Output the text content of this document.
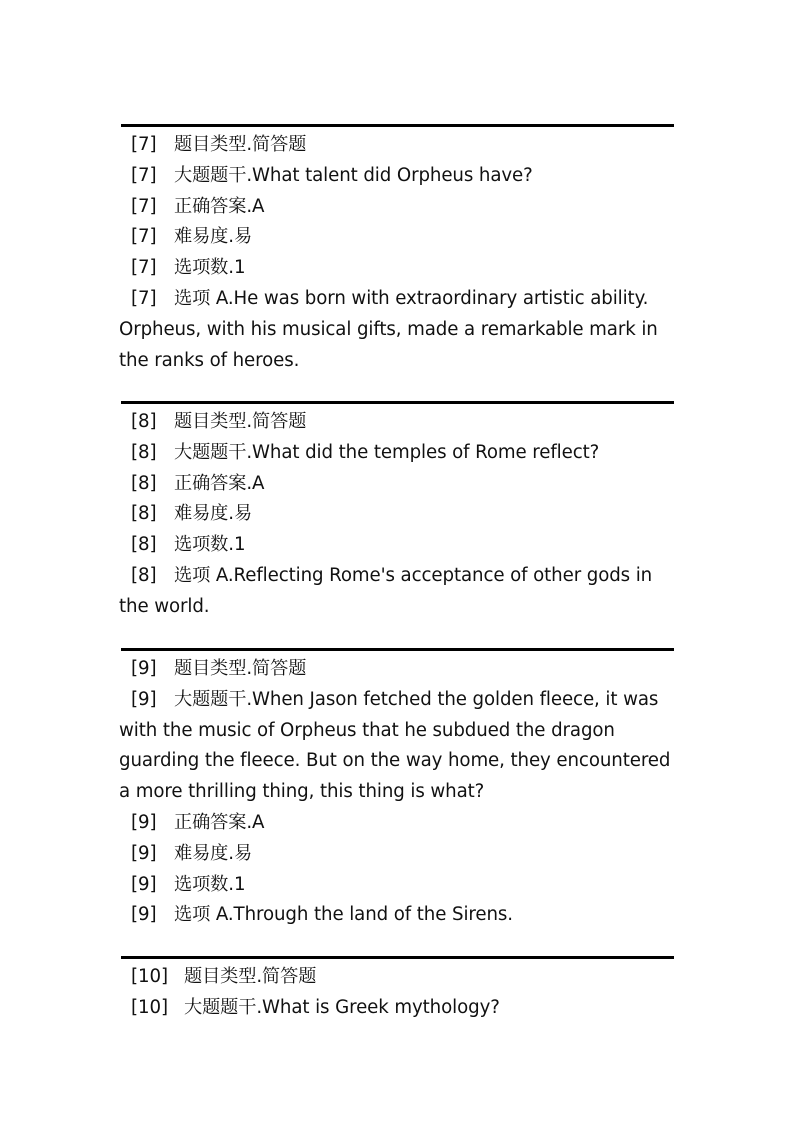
[7] 题目类型.简答题
[7] 大题题干.What talent did Orpheus have?
[7] 正确答案.A
[7] 难易度.易
[7] 选项数.1
[7] 选项 A.He was born with extraordinary artistic ability. Orpheus, with his musical gifts, made a remarkable mark in the ranks of heroes.
[8] 题目类型.简答题
[8] 大题题干.What did the temples of Rome reflect?
[8] 正确答案.A
[8] 难易度.易
[8] 选项数.1
[8] 选项 A.Reflecting Rome's acceptance of other gods in the world.
[9] 题目类型.简答题
[9] 大题题干.When Jason fetched the golden fleece, it was with the music of Orpheus that he subdued the dragon guarding the fleece. But on the way home, they encountered a more thrilling thing, this thing is what?
[9] 正确答案.A
[9] 难易度.易
[9] 选项数.1
[9] 选项 A.Through the land of the Sirens.
[10] 题目类型.简答题
[10] 大题题干.What is Greek mythology?
